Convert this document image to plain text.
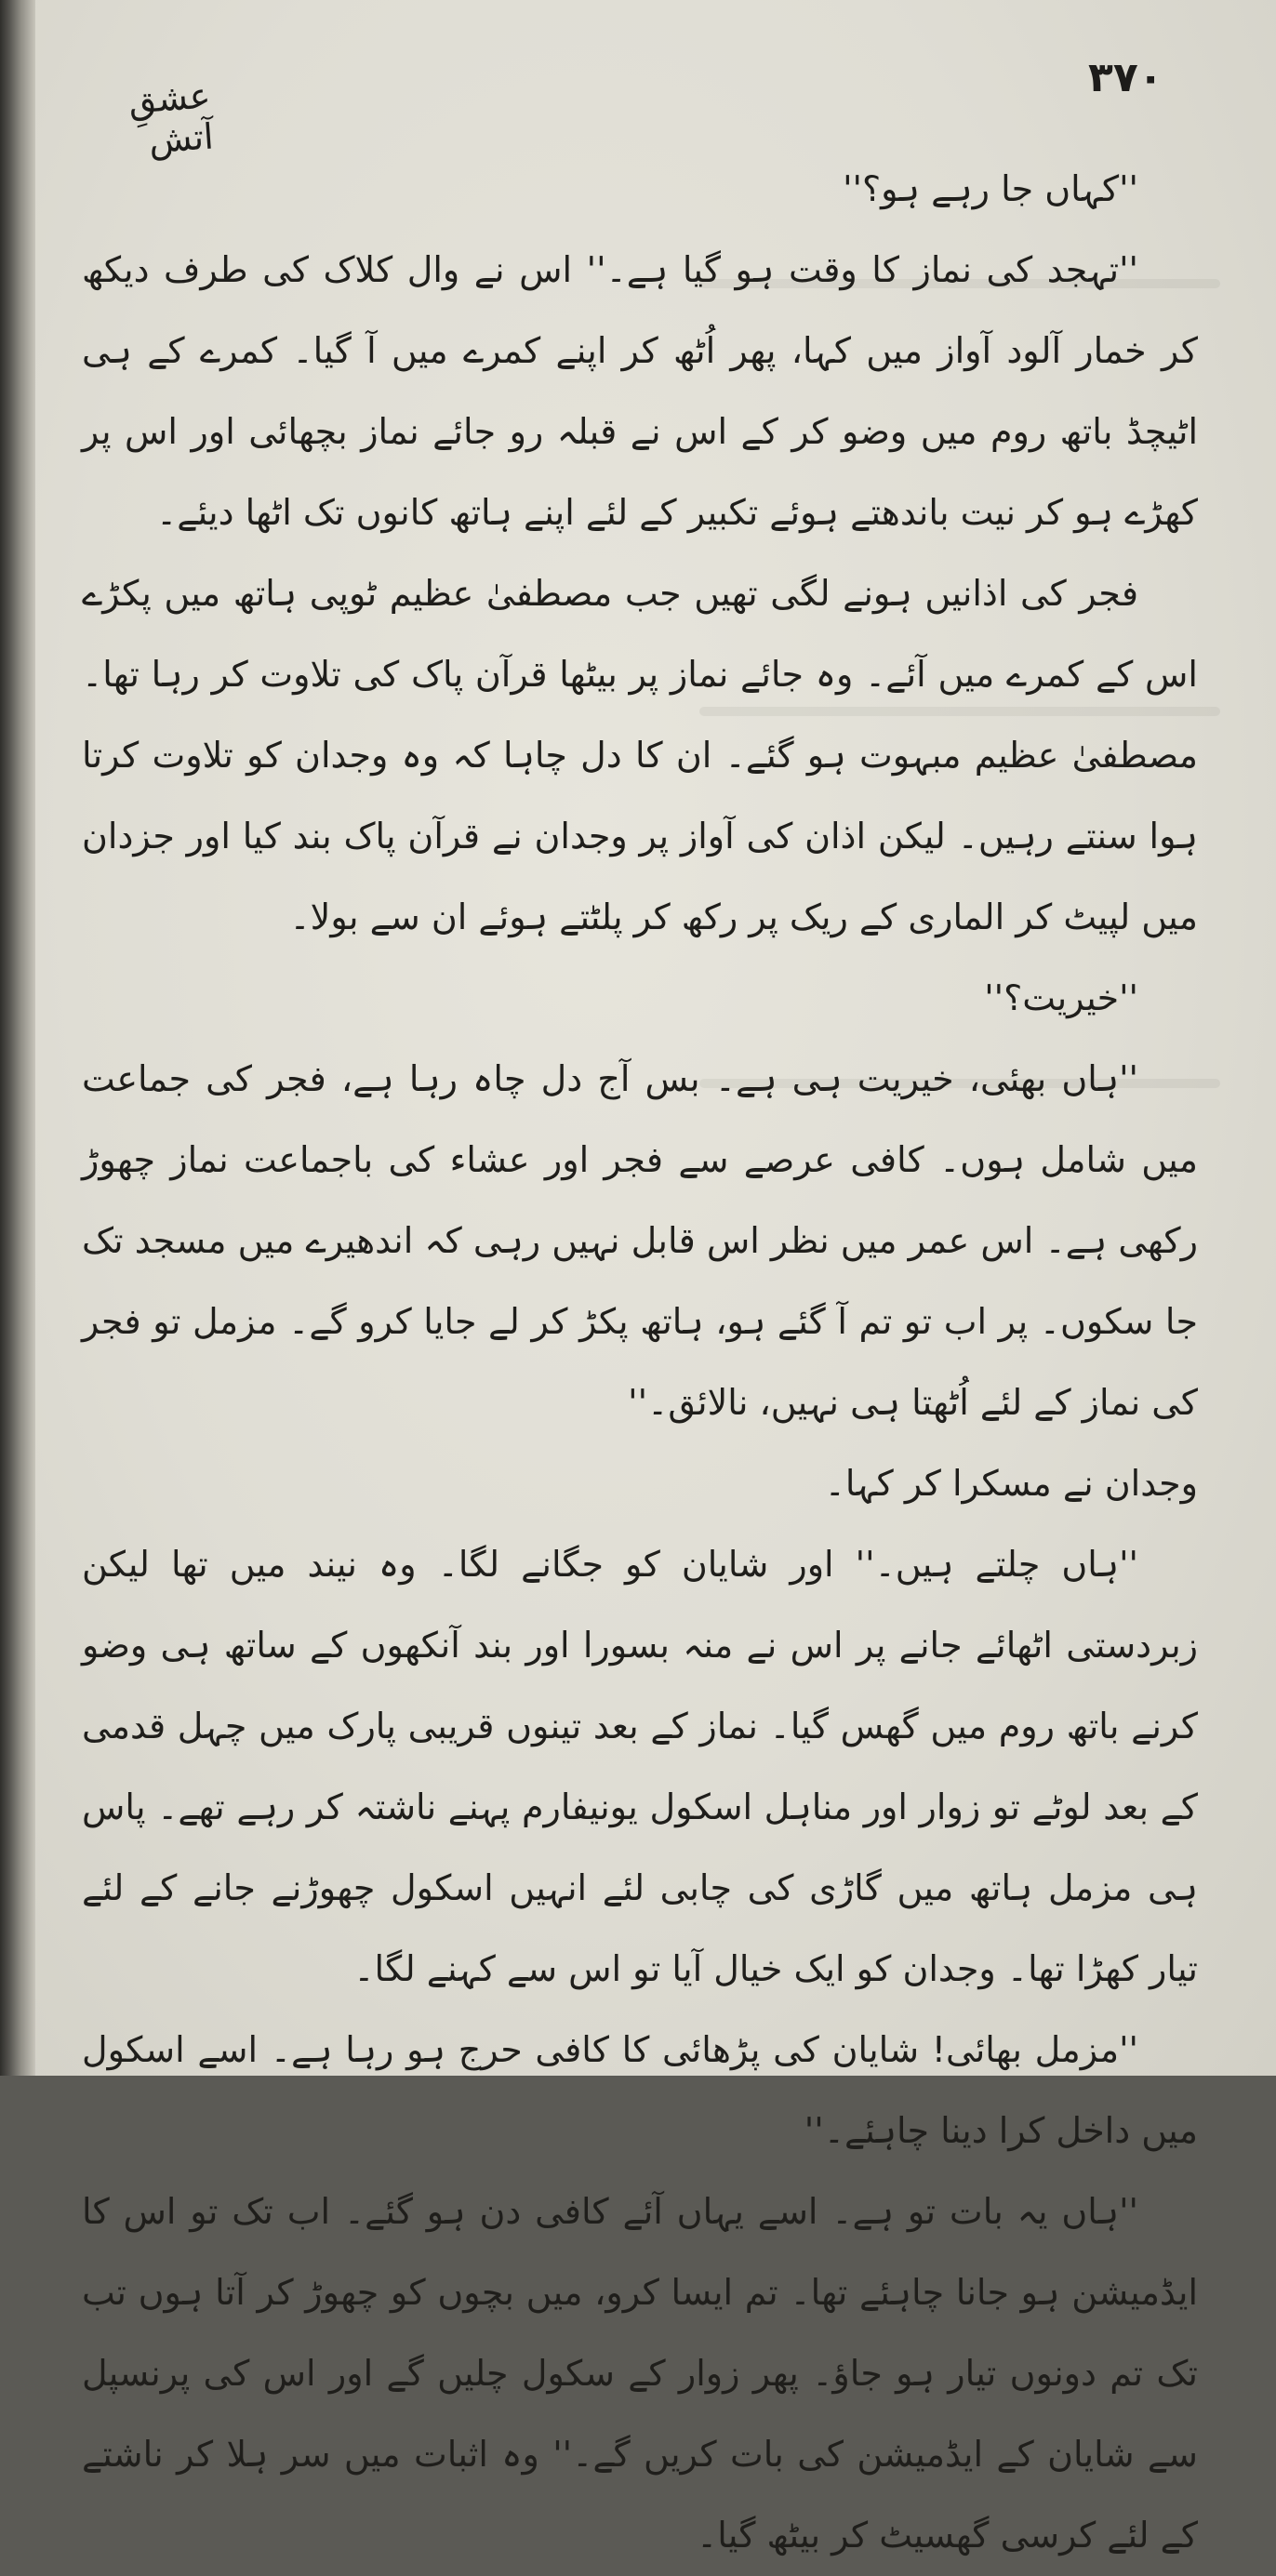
۳۷۰
عشقِ آتش

''کہاں جا رہے ہو؟''

''تہجد کی نماز کا وقت ہو گیا ہے۔'' اس نے وال کلاک کی طرف دیکھ کر خمار آلود آواز میں کہا، پھر اُٹھ کر اپنے کمرے میں آ گیا۔ کمرے کے ہی اٹیچڈ باتھ روم میں وضو کر کے اس نے قبلہ رو جائے نماز بچھائی اور اس پر کھڑے ہو کر نیت باندھتے ہوئے تکبیر کے لئے اپنے ہاتھ کانوں تک اٹھا دیئے۔

فجر کی اذانیں ہونے لگی تھیں جب مصطفیٰ عظیم ٹوپی ہاتھ میں پکڑے اس کے کمرے میں آئے۔ وہ جائے نماز پر بیٹھا قرآن پاک کی تلاوت کر رہا تھا۔ مصطفیٰ عظیم مبہوت ہو گئے۔ ان کا دل چاہا کہ وہ وجدان کو تلاوت کرتا ہوا سنتے رہیں۔ لیکن اذان کی آواز پر وجدان نے قرآن پاک بند کیا اور جزدان میں لپیٹ کر الماری کے ریک پر رکھ کر پلٹتے ہوئے ان سے بولا۔

''خیریت؟''

''ہاں بھئی، خیریت ہی ہے۔ بس آج دل چاہ رہا ہے، فجر کی جماعت میں شامل ہوں۔ کافی عرصے سے فجر اور عشاء کی باجماعت نماز چھوڑ رکھی ہے۔ اس عمر میں نظر اس قابل نہیں رہی کہ اندھیرے میں مسجد تک جا سکوں۔ پر اب تو تم آ گئے ہو، ہاتھ پکڑ کر لے جایا کرو گے۔ مزمل تو فجر کی نماز کے لئے اُٹھتا ہی نہیں، نالائق۔''

وجدان نے مسکرا کر کہا۔

''ہاں چلتے ہیں۔'' اور شایان کو جگانے لگا۔ وہ نیند میں تھا لیکن زبردستی اٹھائے جانے پر اس نے منہ بسورا اور بند آنکھوں کے ساتھ ہی وضو کرنے باتھ روم میں گھس گیا۔ نماز کے بعد تینوں قریبی پارک میں چہل قدمی کے بعد لوٹے تو زوار اور مناہل اسکول یونیفارم پہنے ناشتہ کر رہے تھے۔ پاس ہی مزمل ہاتھ میں گاڑی کی چابی لئے انہیں اسکول چھوڑنے جانے کے لئے تیار کھڑا تھا۔ وجدان کو ایک خیال آیا تو اس سے کہنے لگا۔

''مزمل بھائی! شایان کی پڑھائی کا کافی حرج ہو رہا ہے۔ اسے اسکول میں داخل کرا دینا چاہئے۔''

''ہاں یہ بات تو ہے۔ اسے یہاں آئے کافی دن ہو گئے۔ اب تک تو اس کا ایڈمیشن ہو جانا چاہئے تھا۔ تم ایسا کرو، میں بچوں کو چھوڑ کر آتا ہوں تب تک تم دونوں تیار ہو جاؤ۔ پھر زوار کے سکول چلیں گے اور اس کی پرنسپل سے شایان کے ایڈمیشن کی بات کریں گے۔'' وہ اثبات میں سر ہلا کر ناشتے کے لئے کرسی گھسیٹ کر بیٹھ گیا۔
